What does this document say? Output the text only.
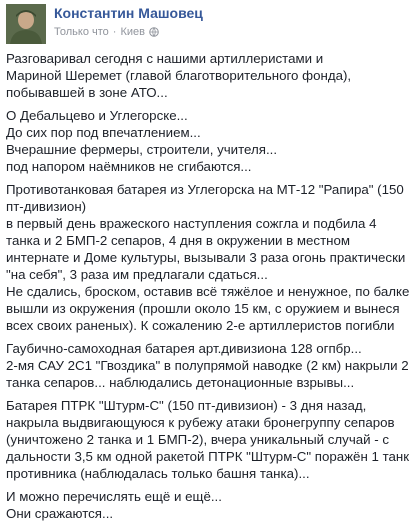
Константин Машовец
Только что · Киев

Разговаривал сегодня с нашими артиллеристами и
Мариной Шеремет (главой благотворительного фонда),
побывавшей в зоне АТО...

О Дебальцево и Углегорске...
До сих пор под впечатлением...
Вчерашние фермеры, строители, учителя...
под напором наёмников не сгибаются...

Противотанковая батарея из Углегорска на МТ-12 "Рапира" (150
пт-дивизион)
в первый день вражеского наступления сожгла и подбила 4
танка и 2 БМП-2 сепаров, 4 дня в окружении в местном
интернате и Доме культуры, вызывали 3 раза огонь практически
"на себя", 3 раза им предлагали сдаться...
Не сдались, броском, оставив всё тяжёлое и ненужное, по балке
вышли из окружения (прошли около 15 км, с оружием и вынеся
всех своих раненых). К сожалению 2-е артиллеристов погибли

Гаубично-самоходная батарея арт.дивизиона 128 огпбр...
2-мя САУ 2С1 "Гвоздика" в полупрямой наводке (2 км) накрыли 2
танка сепаров... наблюдались детонационные взрывы...

Батарея ПТРК "Штурм-С" (150 пт-дивизион) - 3 дня назад,
накрыла выдвигающуюся к рубежу атаки бронегруппу сепаров
(уничтожено 2 танка и 1 БМП-2), вчера уникальный случай - с
дальности 3,5 км одной ракетой ПТРК "Штурм-С" поражён 1 танк
противника (наблюдалась только башня танка)...

И можно перечислять ещё и ещё...
Они сражаются...
